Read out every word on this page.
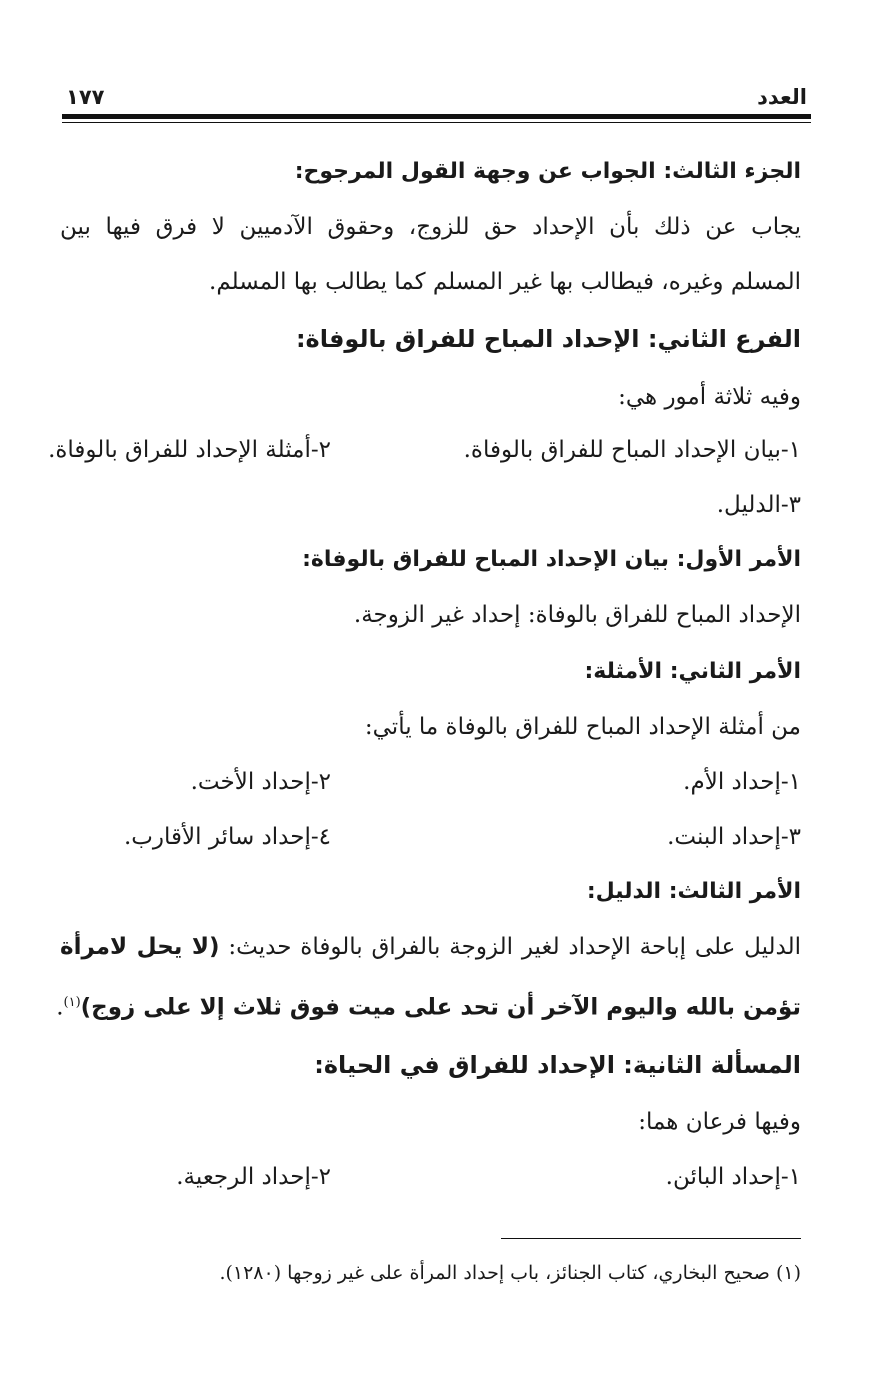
العدد
١٧٧
الجزء الثالث: الجواب عن وجهة القول المرجوح:
يجاب عن ذلك بأن الإحداد حق للزوج، وحقوق الآدميين لا فرق فيها بين
المسلم وغيره، فيطالب بها غير المسلم كما يطالب بها المسلم.
الفرع الثاني: الإحداد المباح للفراق بالوفاة:
وفيه ثلاثة أمور هي:
١-بيان الإحداد المباح للفراق بالوفاة.
٢-أمثلة الإحداد للفراق بالوفاة.
٣-الدليل.
الأمر الأول: بيان الإحداد المباح للفراق بالوفاة:
الإحداد المباح للفراق بالوفاة: إحداد غير الزوجة.
الأمر الثاني: الأمثلة:
من أمثلة الإحداد المباح للفراق بالوفاة ما يأتي:
١-إحداد الأم.
٢-إحداد الأخت.
٣-إحداد البنت.
٤-إحداد سائر الأقارب.
الأمر الثالث: الدليل:
الدليل على إباحة الإحداد لغير الزوجة بالفراق بالوفاة حديث: (لا يحل لامرأة
تؤمن بالله واليوم الآخر أن تحد على ميت فوق ثلاث إلا على زوج)$^{(١)}$.
المسألة الثانية: الإحداد للفراق في الحياة:
وفيها فرعان هما:
١-إحداد البائن.
٢-إحداد الرجعية.
(١) صحيح البخاري، كتاب الجنائز، باب إحداد المرأة على غير زوجها (١٢٨٠).
